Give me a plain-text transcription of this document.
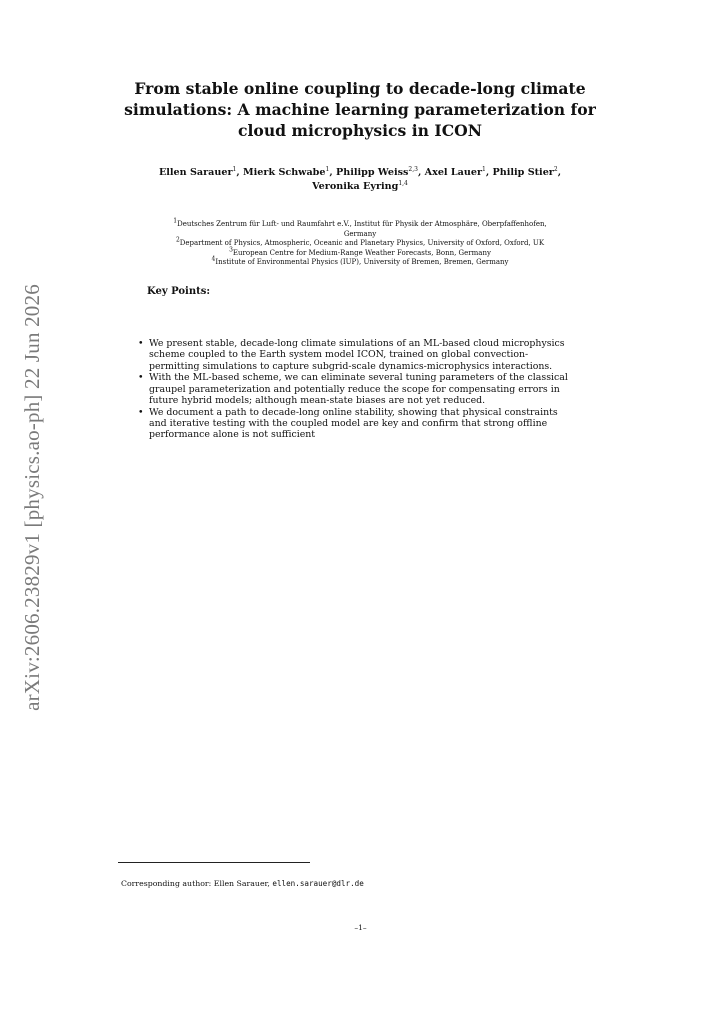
arXiv:2606.23829v1 [physics.ao-ph] 22 Jun 2026
From stable online coupling to decade-long climate
simulations: A machine learning parameterization for
cloud microphysics in ICON
Ellen Sarauer$^1$, Mierk Schwabe$^1$, Philipp Weiss$^{2,3}$, Axel Lauer$^1$, Philip Stier$^2$,
Veronika Eyring$^{1,4}$
$^1$Deutsches Zentrum für Luft- und Raumfahrt e.V., Institut für Physik der Atmosphäre, Oberpfaffenhofen,
Germany
$^2$Department of Physics, Atmospheric, Oceanic and Planetary Physics, University of Oxford, Oxford, UK
$^3$European Centre for Medium-Range Weather Forecasts, Bonn, Germany
$^4$Institute of Environmental Physics (IUP), University of Bremen, Bremen, Germany
Key Points:
• We present stable, decade-long climate simulations of an ML-based cloud microphysics scheme coupled to the Earth system model ICON, trained on global convection-permitting simulations to capture subgrid-scale dynamics-microphysics interactions.
• With the ML-based scheme, we can eliminate several tuning parameters of the classical graupel parameterization and potentially reduce the scope for compensating errors in future hybrid models; although mean-state biases are not yet reduced.
• We document a path to decade-long online stability, showing that physical constraints and iterative testing with the coupled model are key and confirm that strong offline performance alone is not sufficient
Corresponding author: Ellen Sarauer, ellen.sarauer@dlr.de
–1–
